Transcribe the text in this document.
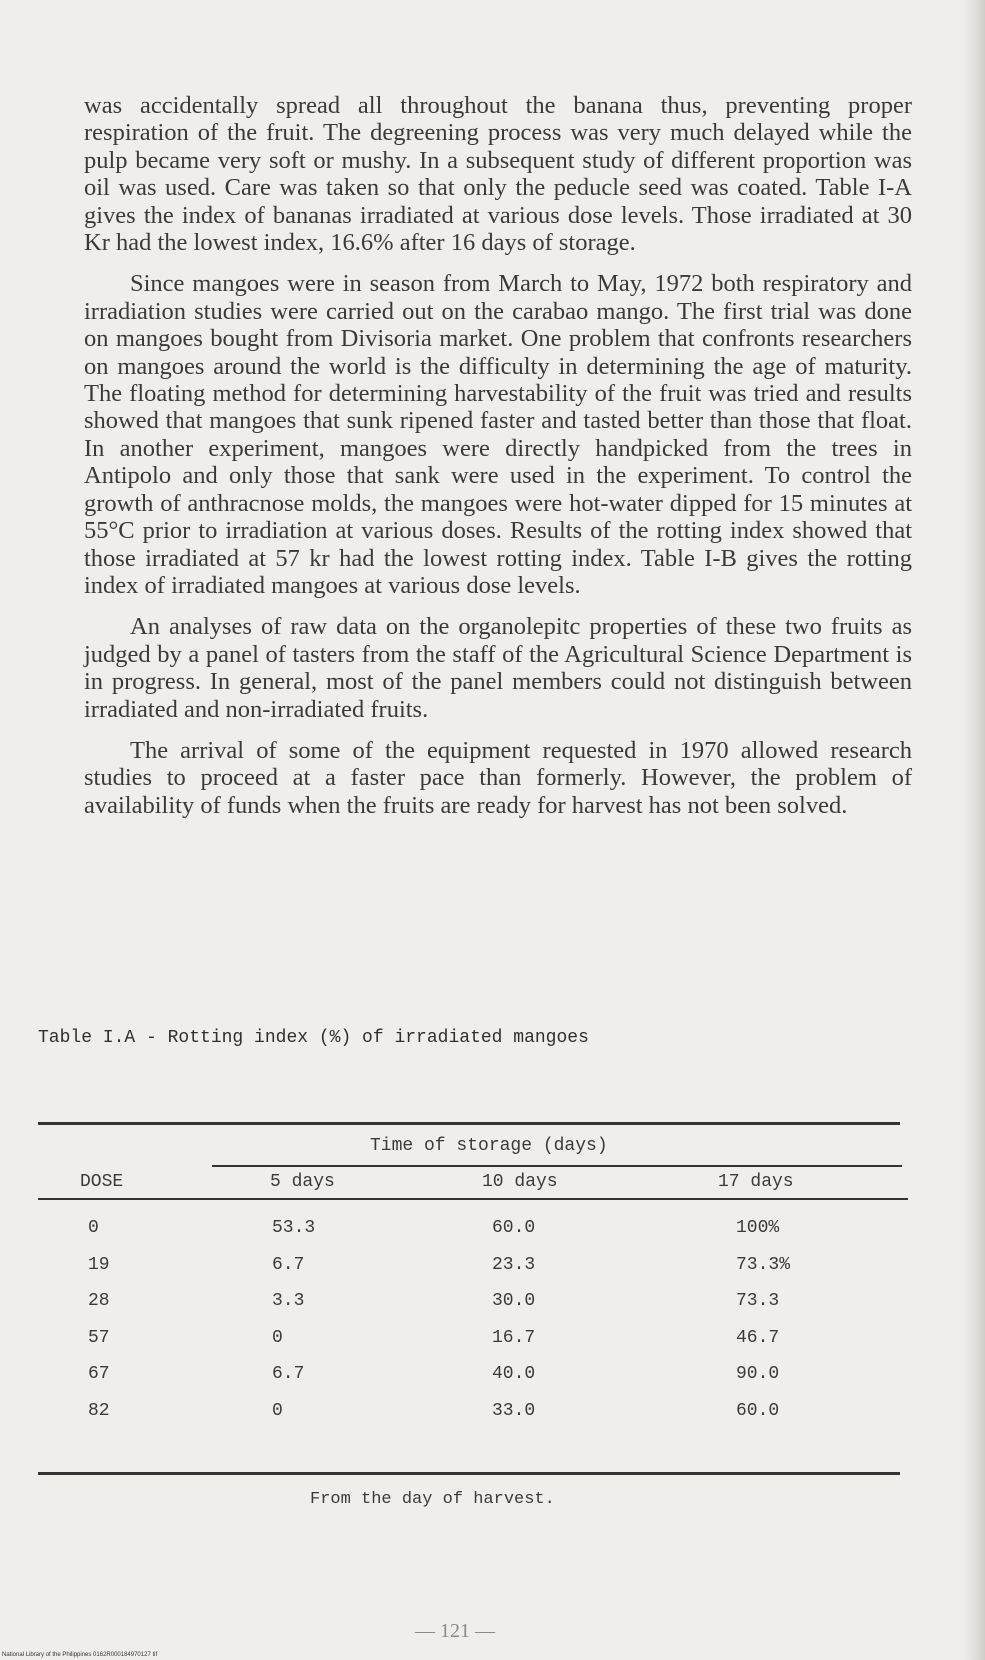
was accidentally spread all throughout the banana thus, preventing proper respiration of the fruit. The degreening process was very much delayed while the pulp became very soft or mushy. In a subsequent study of different proportion was oil was used. Care was taken so that only the peducle seed was coated. Table I-A gives the index of bananas irradiated at various dose levels. Those irradiated at 30 Kr had the lowest index, 16.6% after 16 days of storage.

Since mangoes were in season from March to May, 1972 both respiratory and irradiation studies were carried out on the carabao mango. The first trial was done on mangoes bought from Divisoria market. One problem that confronts researchers on mangoes around the world is the difficulty in determining the age of maturity. The floating method for determining harvestability of the fruit was tried and results showed that mangoes that sunk ripened faster and tasted better than those that float. In another experiment, mangoes were directly handpicked from the trees in Antipolo and only those that sank were used in the experiment. To control the growth of anthracnose molds, the mangoes were hot-water dipped for 15 minutes at 55°C prior to irradiation at various doses. Results of the rotting index showed that those irradiated at 57 kr had the lowest rotting index. Table I-B gives the rotting index of irradiated mangoes at various dose levels.

An analyses of raw data on the organolepitc properties of these two fruits as judged by a panel of tasters from the staff of the Agricultural Science Department is in progress. In general, most of the panel members could not distinguish between irradiated and non-irradiated fruits.

The arrival of some of the equipment requested in 1970 allowed research studies to proceed at a faster pace than formerly. However, the problem of availability of funds when the fruits are ready for harvest has not been solved.

Table I.A - Rotting index (%) of irradiated mangoes
Time of storage (days)
DOSE	5 days	10 days	17 days
0	53.3	60.0	100%
19	6.7	23.3	73.3%
28	3.3	30.0	73.3
57	0	16.7	46.7
67	6.7	40.0	90.0
82	0	33.0	60.0
From the day of harvest.
— 121 —
National Library of the Philippines 0162R000184970127 tif
